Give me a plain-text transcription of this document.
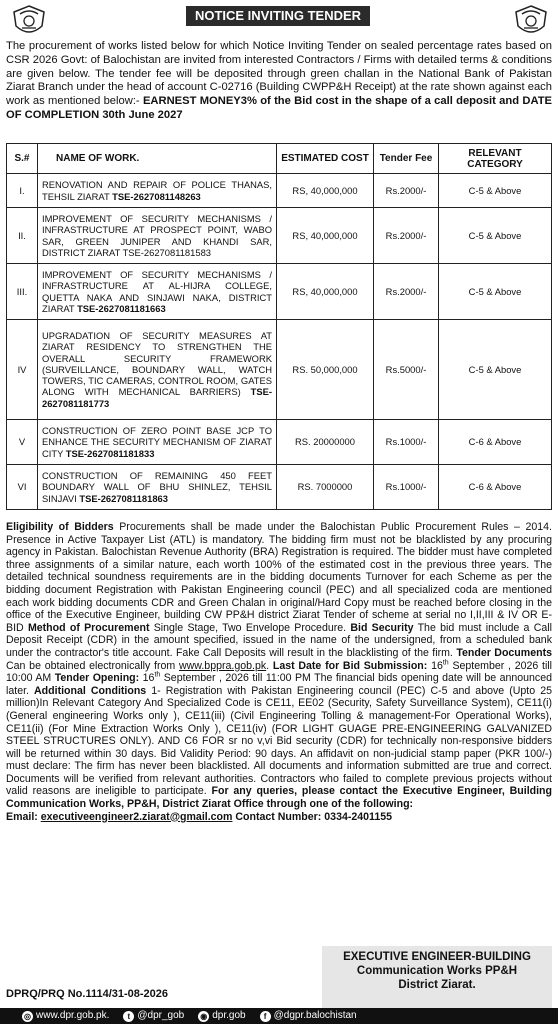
NOTICE INVITING TENDER
The procurement of works listed below for which Notice Inviting Tender on sealed percentage rates based on CSR 2026 Govt: of Balochistan are invited from interested Contractors / Firms with detailed terms & conditions are given below. The tender fee will be deposited through green challan in the National Bank of Pakistan Ziarat Branch under the head of account C-02716 (Building CWPP&H Receipt) at the rate shown against each work as mentioned below:- EARNEST MONEY3% of the Bid cost in the shape of a call deposit and DATE OF COMPLETION 30th June 2027
S.#	NAME OF WORK.	ESTIMATED COST	Tender Fee	RELEVANT CATEGORY
I.	RENOVATION AND REPAIR OF POLICE THANAS, TEHSIL ZIARAT TSE-2627081148263	RS, 40,000,000	Rs.2000/-	C-5 & Above
II.	IMPROVEMENT OF SECURITY MECHANISMS / INFRASTRUCTURE AT PROSPECT POINT, WABO SAR, GREEN JUNIPER AND KHANDI SAR, DISTRICT ZIARAT TSE-2627081181583	RS, 40,000,000	Rs.2000/-	C-5 & Above
III.	IMPROVEMENT OF SECURITY MECHANISMS / INFRASTRUCTURE AT AL-HIJRA COLLEGE, QUETTA NAKA AND SINJAWI NAKA, DISTRICT ZIARAT TSE-2627081181663	RS, 40,000,000	Rs.2000/-	C-5 & Above
IV	UPGRADATION OF SECURITY MEASURES AT ZIARAT RESIDENCY TO STRENGTHEN THE OVERALL SECURITY FRAMEWORK (SURVEILLANCE, BOUNDARY WALL, WATCH TOWERS, TIC CAMERAS, CONTROL ROOM, GATES ALONG WITH MECHANICAL BARRIERS) TSE-2627081181773	RS. 50,000,000	Rs.5000/-	C-5 & Above
V	CONSTRUCTION OF ZERO POINT BASE JCP TO ENHANCE THE SECURITY MECHANISM OF ZIARAT CITY TSE-2627081181833	RS. 20000000	Rs.1000/-	C-6 & Above
VI	CONSTRUCTION OF REMAINING 450 FEET BOUNDARY WALL OF BHU SHINLEZ, TEHSIL SINJAVI TSE-2627081181863	RS. 7000000	Rs.1000/-	C-6 & Above
Eligibility of Bidders Procurements shall be made under the Balochistan Public Procurement Rules – 2014. Presence in Active Taxpayer List (ATL) is mandatory. The bidding firm must not be blacklisted by any procuring agency in Pakistan. Balochistan Revenue Authority (BRA) Registration is required. The bidder must have completed three assignments of a similar nature, each worth 100% of the estimated cost in the previous three years. The detailed technical soundness requirements are in the bidding documents Turnover for each Scheme as per the bidding document Registration with Pakistan Engineering council (PEC) and all specialized coda are mentioned each work bidding documents CDR and Green Chalan in original/Hard Copy must be reached before closing in the office of the Executive Engineer, building CW PP&H district Ziarat Tender of scheme at serial no I,II,III & IV OR E-BID Method of Procurement Single Stage, Two Envelope Procedure. Bid Security The bid must include a Call Deposit Receipt (CDR) in the amount specified, issued in the name of the undersigned, from a scheduled bank under the contractor's title account. Fake Call Deposits will result in the blacklisting of the firm. Tender Documents Can be obtained electronically from www.bppra.gob.pk. Last Date for Bid Submission: 16th September , 2026 till 10:00 AM Tender Opening: 16th September , 2026 till 11:00 PM The financial bids opening date will be announced later. Additional Conditions 1- Registration with Pakistan Engineering council (PEC) C-5 and above (Upto 25 million)In Relevant Category And Specialized Code is CE11, EE02 (Security, Safety Surveillance System), CE11(i) (General engineering Works only ), CE11(iii) (Civil Engineering Tolling & management-For Operational Works), CE11(ii) (For Mine Extraction Works Only ), CE11(iv) (FOR LIGHT GUAGE PRE-ENGINEERING GALVANIZED STEEL STRUCTURES ONLY). AND C6 FOR sr no v,vi Bid security (CDR) for technically non-responsive bidders will be returned within 30 days. Bid Validity Period: 90 days. An affidavit on non-judicial stamp paper (PKR 100/-) must declare: The firm has never been blacklisted. All documents and information submitted are true and correct. Documents will be verified from relevant authorities. Contractors who failed to complete previous projects without valid reasons are ineligible to participate. For any queries, please contact the Executive Engineer, Building Communication Works, PP&H, District Ziarat Office through one of the following:
Email: executiveengineer2.ziarat@gmail.com Contact Number: 0334-2401155
EXECUTIVE ENGINEER-BUILDING
Communication Works PP&H
District Ziarat.
DPRQ/PRQ No.1114/31-08-2026
◎ www.dpr.gob.pk.	t @dpr_gob ◉ dpr.gob	f @dgpr.balochistan
